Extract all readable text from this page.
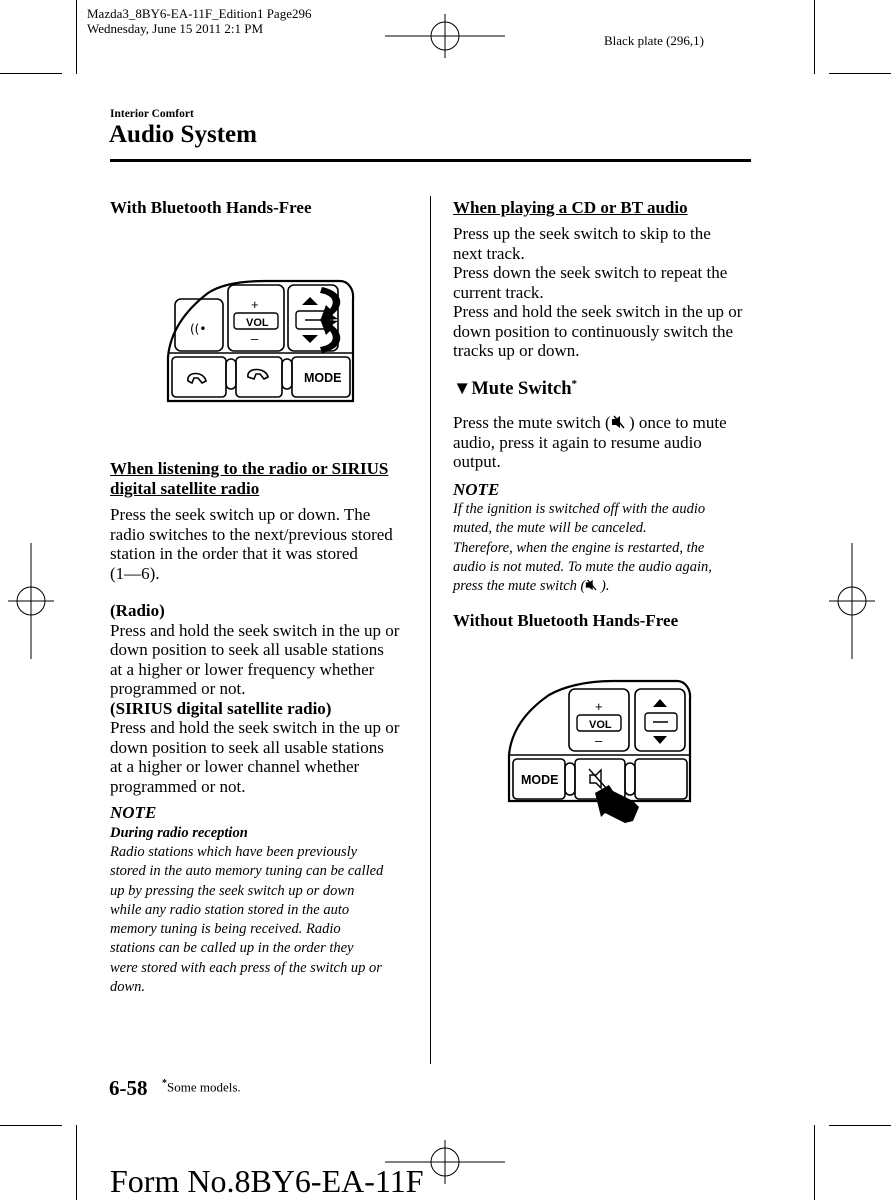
Mazda3_8BY6-EA-11F_Edition1 Page296
Wednesday, June 15 2011 2:1 PM
Black plate (296,1)
Interior Comfort
Audio System
With Bluetooth Hands-Free
((•	VOL
+
–
MODE
When listening to the radio or SIRIUS
digital satellite radio

Press the seek switch up or down. The

radio switches to the next/previous stored

station in the order that it was stored

(1—6).

(Radio)

Press and hold the seek switch in the up or

down position to seek all usable stations

at a higher or lower frequency whether

programmed or not.

(SIRIUS digital satellite radio)

Press and hold the seek switch in the up or

down position to seek all usable stations

at a higher or lower channel whether

programmed or not.

NOTE
During radio reception

Radio stations which have been previously

stored in the auto memory tuning can be called

up by pressing the seek switch up or down

while any radio station stored in the auto

memory tuning is being received. Radio

stations can be called up in the order they

were stored with each press of the switch up or

down.

When playing a CD or BT audio

Press up the seek switch to skip to the

next track.

Press down the seek switch to repeat the

current track.

Press and hold the seek switch in the up or

down position to continuously switch the

tracks up or down.

▼Mute Switch*

Press the mute switch ( ) once to mute

audio, press it again to resume audio

output.

NOTE

If the ignition is switched off with the audio

muted, the mute will be canceled.

Therefore, when the engine is restarted, the

audio is not muted. To mute the audio again,

press the mute switch ( ).

Without Bluetooth Hands-Free
VOL
+
–
MODE
6-58 *Some models.
Form No.8BY6-EA-11F
